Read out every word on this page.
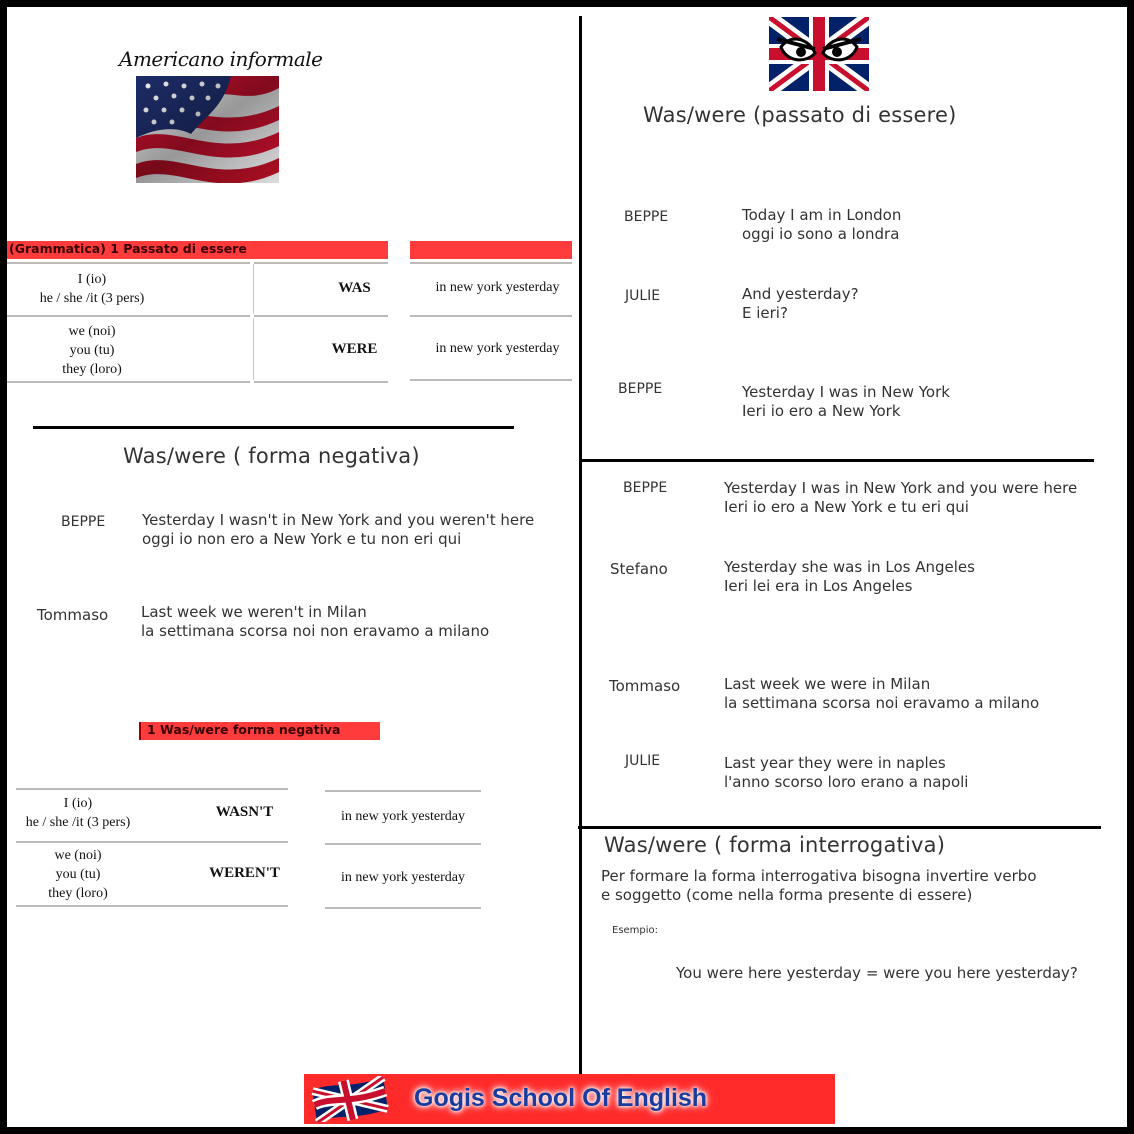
Americano informale
(Grammatica) 1 Passato di essere
I (io)
he / she /it (3 pers)
WAS	in new york yesterday
we (noi)
you (tu)
they (loro)
WERE	in new york yesterday
Was/were ( forma negativa)
BEPPE Yesterday I wasn't in New York and you weren't here
oggi io non ero a New York e tu non eri qui
Tommaso Last week we weren't in Milan
la settimana scorsa noi non eravamo a milano
1 Was/were forma negativa
I (io)
he / she /it (3 pers)
WASN'T	in new york yesterday
we (noi)
you (tu)
they (loro)
WEREN'T	in new york yesterday
Was/were (passato di essere)
BEPPE	Today I am in London
oggi io sono a londra
JULIE	And yesterday?
E ieri?
BEPPE	Yesterday I was in New York
Ieri io ero a New York
BEPPE	Yesterday I was in New York and you were here
Ieri io ero a New York e tu eri qui
Stefano	Yesterday she was in Los Angeles
Ieri lei era in Los Angeles
Tommaso	Last week we were in Milan
la settimana scorsa noi eravamo a milano
JULIE	Last year they were in naples
l'anno scorso loro erano a napoli
Was/were ( forma interrogativa)
Per formare la forma interrogativa bisogna invertire verbo
e soggetto (come nella forma presente di essere)
Esempio:
You were here yesterday = were you here yesterday?
Gogis School Of English
